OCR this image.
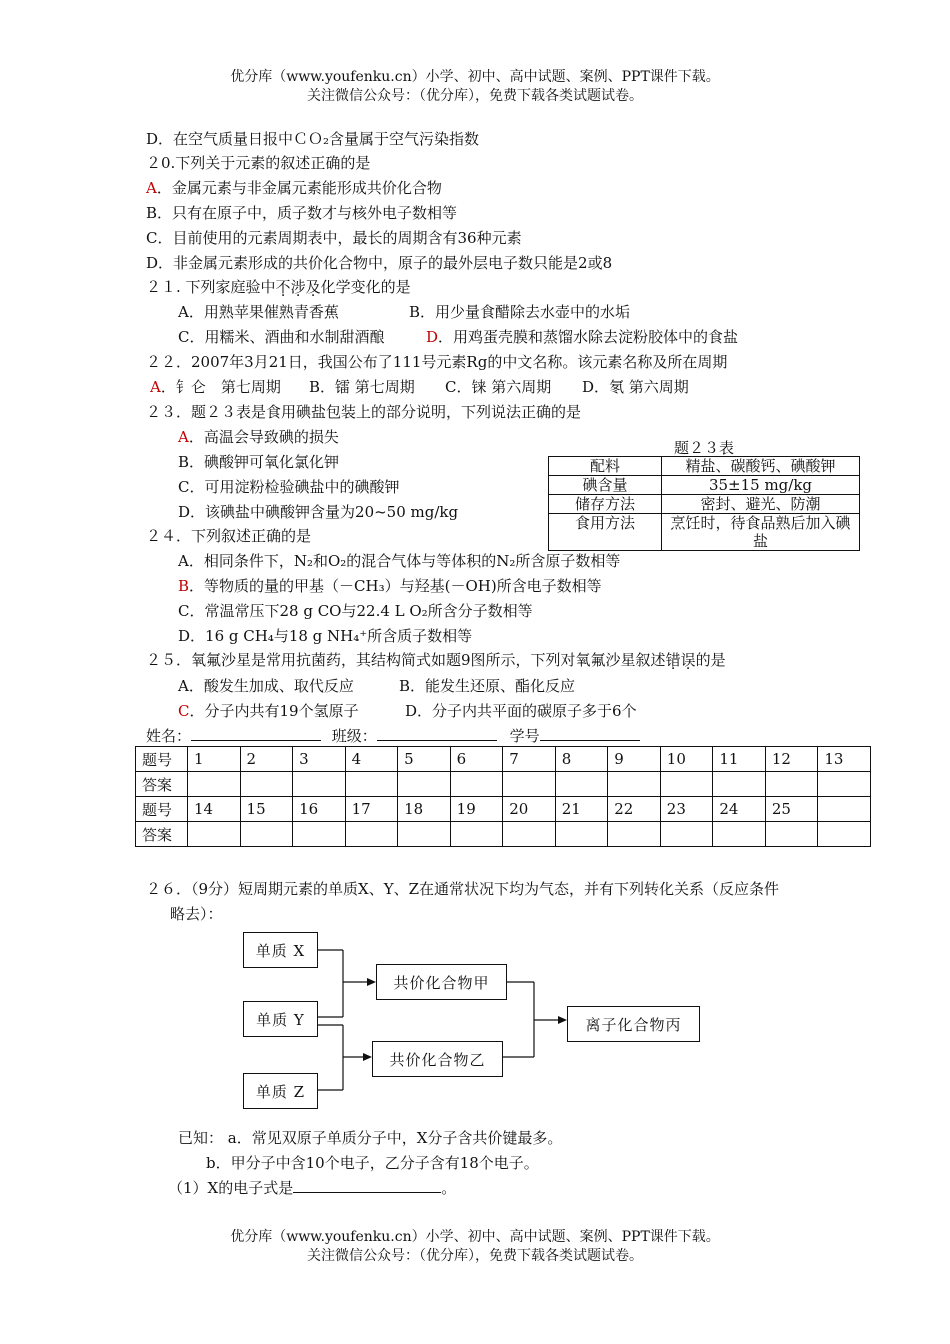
优分库（www.youfenku.cn）小学、初中、高中试题、案例、PPT课件下载。
关注微信公众号：（优分库），免费下载各类试题试卷。
D．在空气质量日报中ＣＯ₂含量属于空气污染指数
２0.下列关于元素的叙述正确的是
A．金属元素与非金属元素能形成共价化合物
B．只有在原子中，质子数才与核外电子数相等
C．目前使用的元素周期表中，最长的周期含有36种元素
D．非金属元素形成的共价化合物中，原子的最外层电子数只能是2或8
２１. 下列家庭验中不涉及化学变化的是
A．用熟苹果催熟青香蕉	B．用少量食醋除去水壶中的水垢
C．用糯米、酒曲和水制甜酒酿	D．用鸡蛋壳膜和蒸馏水除去淀粉胶体中的食盐
２２．2007年3月21日，我国公布了111号元素Rg的中文名称。该元素名称及所在周期
A．钅仑　第七周期 B．镭 第七周期 C．铼 第六周期 D．氡 第六周期
２３．题２３表是食用碘盐包装上的部分说明，下列说法正确的是
A．高温会导致碘的损失
B．碘酸钾可氧化氯化钾
C．可用淀粉检验碘盐中的碘酸钾
D．该碘盐中碘酸钾含量为20~50 mg/kg
题２３表
配料	精盐、碳酸钙、碘酸钾
碘含量	35±15 mg/kg
储存方法	密封、避光、防潮
食用方法	烹饪时，待食品熟后加入碘盐
２４．下列叙述正确的是
A．相同条件下，N₂和O₂的混合气体与等体积的N₂所含原子数相等
B．等物质的量的甲基（－CH₃）与羟基(－OH)所含电子数相等
C．常温常压下28 g CO与22.4 L O₂所含分子数相等
D．16 g CH₄与18 g NH₄⁺所含质子数相等
２５．氧氟沙星是常用抗菌药，其结构简式如题9图所示，下列对氧氟沙星叙述错误的是
A．酸发生加成、取代反应	B．能发生还原、酯化反应
C．分子内共有19个氢原子	D．分子内共平面的碳原子多于6个
姓名：	班级：	学号
题号	1	2	3	4	5	6	7	8	9	10	11	12	13
答案													
题号	14	15	16	17	18	19	20	21	22	23	24	25	
答案													
２６．（9分）短周期元素的单质X、Y、Z在通常状况下均为气态，并有下列转化关系（反应条件
略去）：
单质 X
单质 Y
单质 Z
共价化合物甲
共价化合物乙
离子化合物丙
已知： a．常见双原子单质分子中，X分子含共价键最多。
b．甲分子中含10个电子，乙分子含有18个电子。
（1）X的电子式是	。
优分库（www.youfenku.cn）小学、初中、高中试题、案例、PPT课件下载。
关注微信公众号：（优分库），免费下载各类试题试卷。
